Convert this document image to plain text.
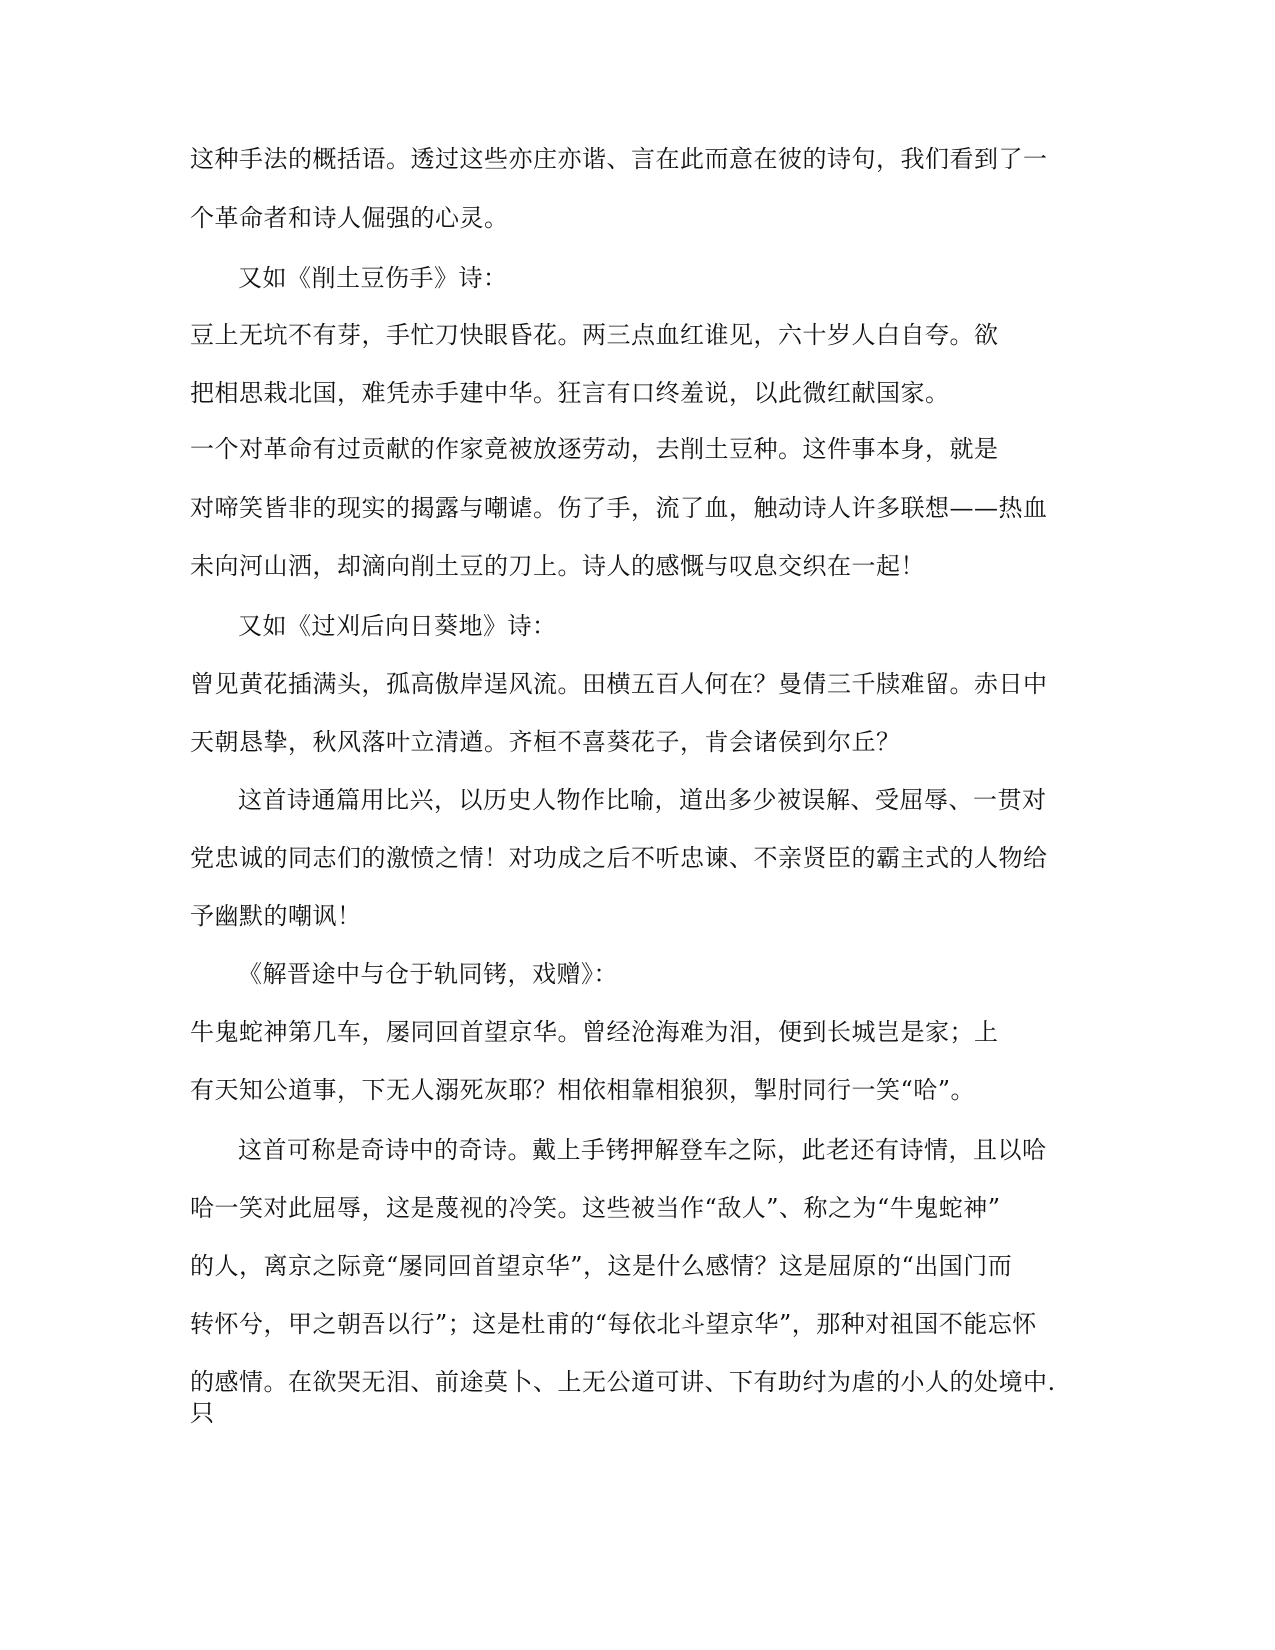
这种手法的概括语。透过这些亦庄亦谐、言在此而意在彼的诗句，我们看到了一
个革命者和诗人倔强的心灵。
又如《削土豆伤手》诗：
豆上无坑不有芽，手忙刀快眼昏花。两三点血红谁见，六十岁人白自夸。欲
把相思栽北国，难凭赤手建中华。狂言有口终羞说，以此微红献国家。
一个对革命有过贡献的作家竟被放逐劳动，去削土豆种。这件事本身，就是
对啼笑皆非的现实的揭露与嘲谑。伤了手，流了血，触动诗人许多联想——热血
未向河山洒，却滴向削土豆的刀上。诗人的感慨与叹息交织在一起！
又如《过刈后向日葵地》诗：
曾见黄花插满头，孤高傲岸逞风流。田横五百人何在？曼倩三千牍难留。赤日中
天朝恳挚，秋风落叶立清遒。齐桓不喜葵花子，肯会诸侯到尔丘？
这首诗通篇用比兴，以历史人物作比喻，道出多少被误解、受屈辱、一贯对
党忠诚的同志们的激愤之情！对功成之后不听忠谏、不亲贤臣的霸主式的人物给
予幽默的嘲讽！
《解晋途中与仓于轨同铐，戏赠》：
牛鬼蛇神第几车，屡同回首望京华。曾经沧海难为泪，便到长城岂是家；上
有天知公道事，下无人溺死灰耶？相依相靠相狼狈，掣肘同行一笑“哈”。
这首可称是奇诗中的奇诗。戴上手铐押解登车之际，此老还有诗情，且以哈
哈一笑对此屈辱，这是蔑视的冷笑。这些被当作“敌人”、称之为“牛鬼蛇神”
的人，离京之际竟“屡同回首望京华”，这是什么感情？这是屈原的“出国门而
转怀兮，甲之朝吾以行”；这是杜甫的“每依北斗望京华”，那种对祖国不能忘怀
的感情。在欲哭无泪、前途莫卜、上无公道可讲、下有助纣为虐的小人的处境中.
只
